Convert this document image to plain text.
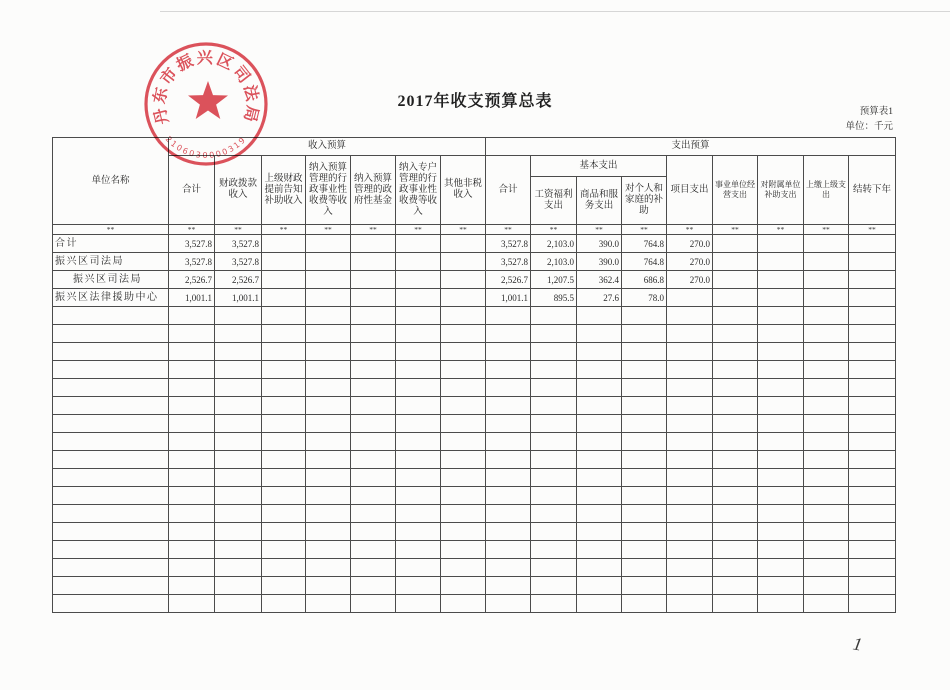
2017年收支预算总表
预算表1
单位：千元
单位名称	收入预算							支出预算								
	合计	财政拨款收入	上级财政提前告知补助收入	纳入预算管理的行政事业性收费等收入	纳入预算管理的政府性基金	纳入专户管理的行政事业性收费等收入	其他非税收入	合计	基本支出			项目支出	事业单位经营支出	对附属单位补助支出	上缴上级支出	结转下年
									工资福利支出	商品和服务支出	对个人和家庭的补助					
**	**	**	**	**	**	**	**	**	**	**	**	**	**	**	**	**
合计	3,527.8	3,527.8						3,527.8	2,103.0	390.0	764.8	270.0				
振兴区司法局	3,527.8	3,527.8						3,527.8	2,103.0	390.0	764.8	270.0				
振兴区司法局	2,526.7	2,526.7						2,526.7	1,207.5	362.4	686.8	270.0				
振兴区法律援助中心	1,001.1	1,001.1						1,001.1	895.5	27.6	78.0					

丹东市振兴区司法局
2106030000319
1
